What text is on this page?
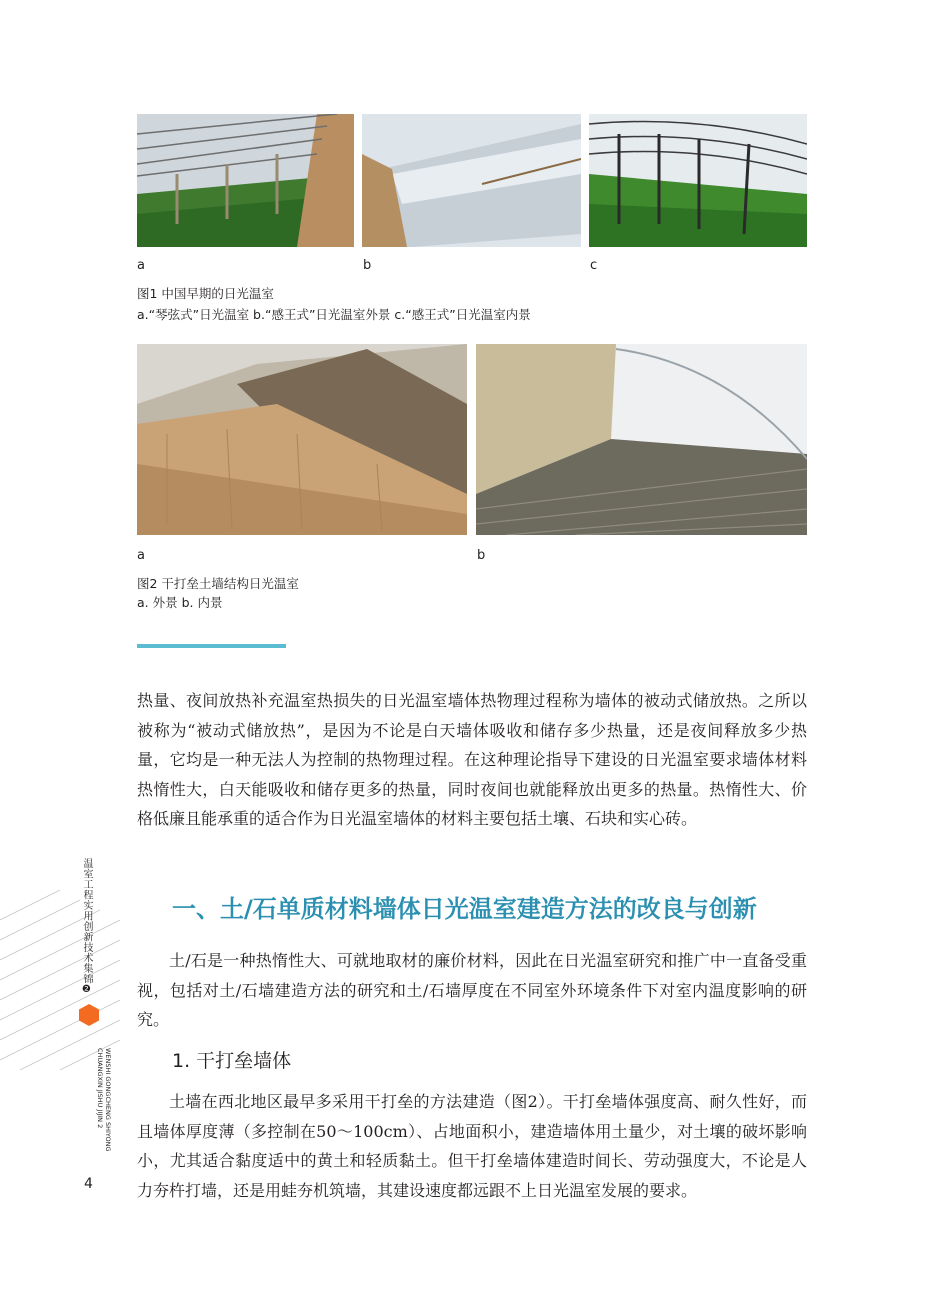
a	b	c
图1 中国早期的日光温室
a.“琴弦式”日光温室 b.“感王式”日光温室外景 c.“感王式”日光温室内景
a	b
图2 干打垒土墙结构日光温室
a. 外景 b. 内景

热量、夜间放热补充温室热损失的日光温室墙体热物理过程称为墙体的被动式储放热。之所以被称为“被动式储放热”，是因为不论是白天墙体吸收和储存多少热量，还是夜间释放多少热量，它均是一种无法人为控制的热物理过程。在这种理论指导下建设的日光温室要求墙体材料热惰性大，白天能吸收和储存更多的热量，同时夜间也就能释放出更多的热量。热惰性大、价格低廉且能承重的适合作为日光温室墙体的材料主要包括土壤、石块和实心砖。

一、土/石单质材料墙体日光温室建造方法的改良与创新

土/石是一种热惰性大、可就地取材的廉价材料，因此在日光温室研究和推广中一直备受重视，包括对土/石墙建造方法的研究和土/石墙厚度在不同室外环境条件下对室内温度影响的研究。

1. 干打垒墙体

土墙在西北地区最早多采用干打垒的方法建造（图2）。干打垒墙体强度高、耐久性好，而且墙体厚度薄（多控制在50～100cm）、占地面积小，建造墙体用土量少，对土壤的破坏影响小，尤其适合黏度适中的黄土和轻质黏土。但干打垒墙体建造时间长、劳动强度大，不论是人力夯杵打墙，还是用蛙夯机筑墙，其建设速度都远跟不上日光温室发展的要求。

温室工程实用创新技术集锦❷
WENSHI GONGCHENG SHIYONG CHUANGXIN JISHU JIJIN 2
4
